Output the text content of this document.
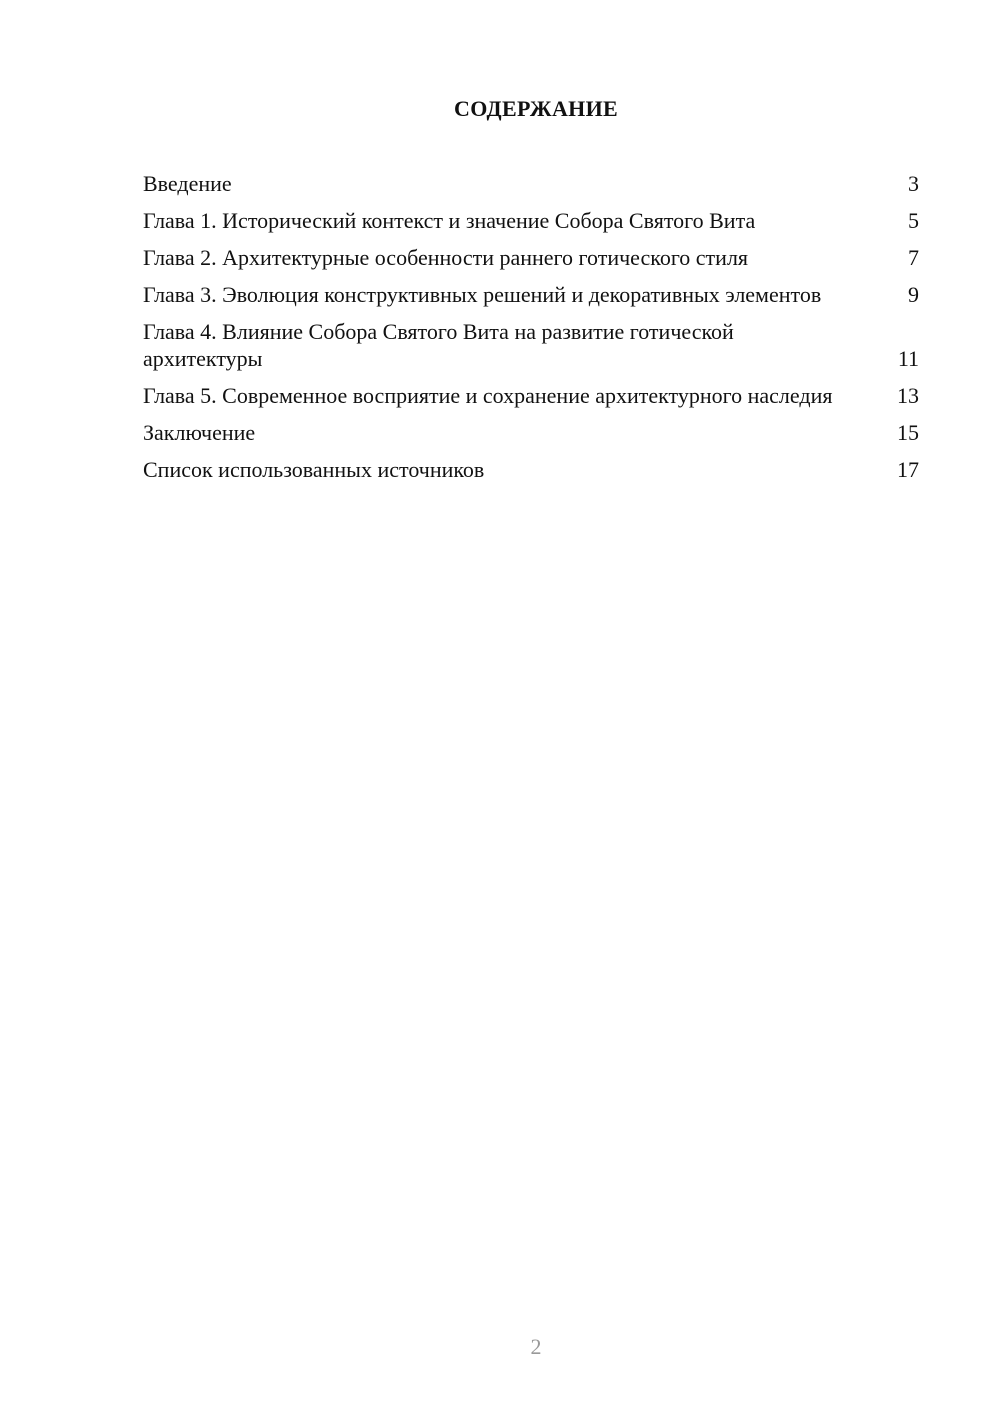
СОДЕРЖАНИЕ
Введение	3
Глава 1. Исторический контекст и значение Собора Святого Вита	5
Глава 2. Архитектурные особенности раннего готического стиля	7
Глава 3. Эволюция конструктивных решений и декоративных элементов	9
Глава 4. Влияние Собора Святого Вита на развитие готической архитектуры	11
Глава 5. Современное восприятие и сохранение архитектурного наследия	13
Заключение	15
Список использованных источников	17
2
